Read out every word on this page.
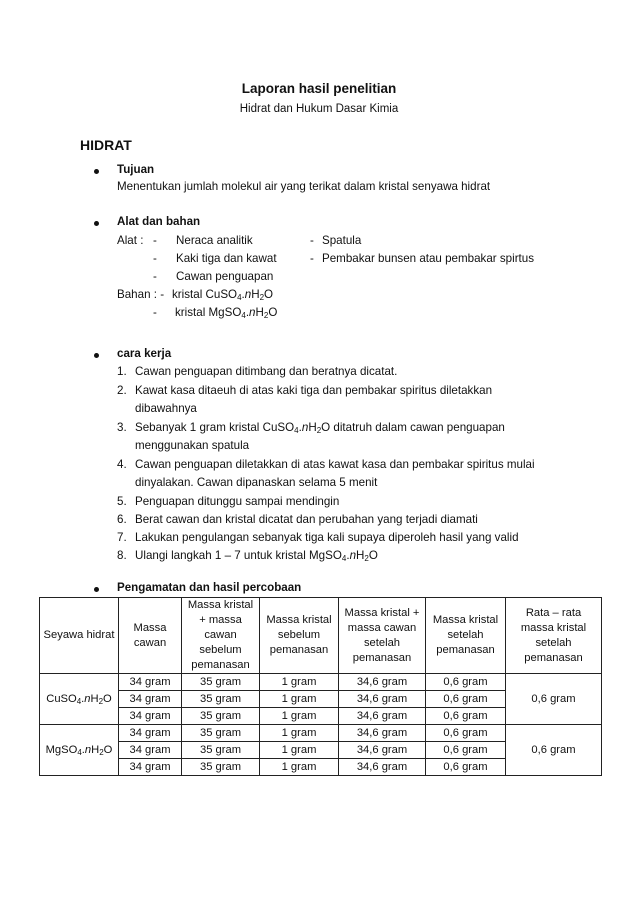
Laporan hasil penelitian
Hidrat dan Hukum Dasar Kimia
HIDRAT
Tujuan
Menentukan jumlah molekul air yang terikat dalam kristal senyawa hidrat
Alat dan bahan
Alat : - Neraca analitik
- Kaki tiga dan kawat
- Cawan penguapan
- Spatula
- Pembakar bunsen atau pembakar spirtus
Bahan : - kristal $CuSO_4.nH_2O$
- kristal $MgSO_4.nH_2O$
cara kerja
1. Cawan penguapan ditimbang dan beratnya dicatat.
2. Kawat kasa ditaeuh di atas kaki tiga dan pembakar spiritus diletakkan
dibawahnya
3. Sebanyak 1 gram kristal $CuSO_4.nH_2O$ ditatruh dalam cawan penguapan
menggunakan spatula
4. Cawan penguapan diletakkan di atas kawat kasa dan pembakar spiritus mulai
dinyalakan. Cawan dipanaskan selama 5 menit
5. Penguapan ditunggu sampai mendingin
6. Berat cawan dan kristal dicatat dan perubahan yang terjadi diamati
7. Lakukan pengulangan sebanyak tiga kali supaya diperoleh hasil yang valid
8. Ulangi langkah 1 – 7 untuk kristal $MgSO_4.nH_2O$
Pengamatan dan hasil percobaan
Seyawa hidrat	Massa cawan	Massa kristal + massa cawan sebelum pemanasan	Massa kristal sebelum pemanasan	Massa kristal + massa cawan setelah pemanasan	Massa kristal setelah pemanasan	Rata – rata massa kristal setelah pemanasan
$CuSO_4.nH_2O$	34 gram	35 gram	1 gram	34,6 gram	0,6 gram	0,6 gram
	34 gram	35 gram	1 gram	34,6 gram	0,6 gram	
	34 gram	35 gram	1 gram	34,6 gram	0,6 gram	
$MgSO_4.nH_2O$	34 gram	35 gram	1 gram	34,6 gram	0,6 gram	0,6 gram
	34 gram	35 gram	1 gram	34,6 gram	0,6 gram	
	34 gram	35 gram	1 gram	34,6 gram	0,6 gram	
